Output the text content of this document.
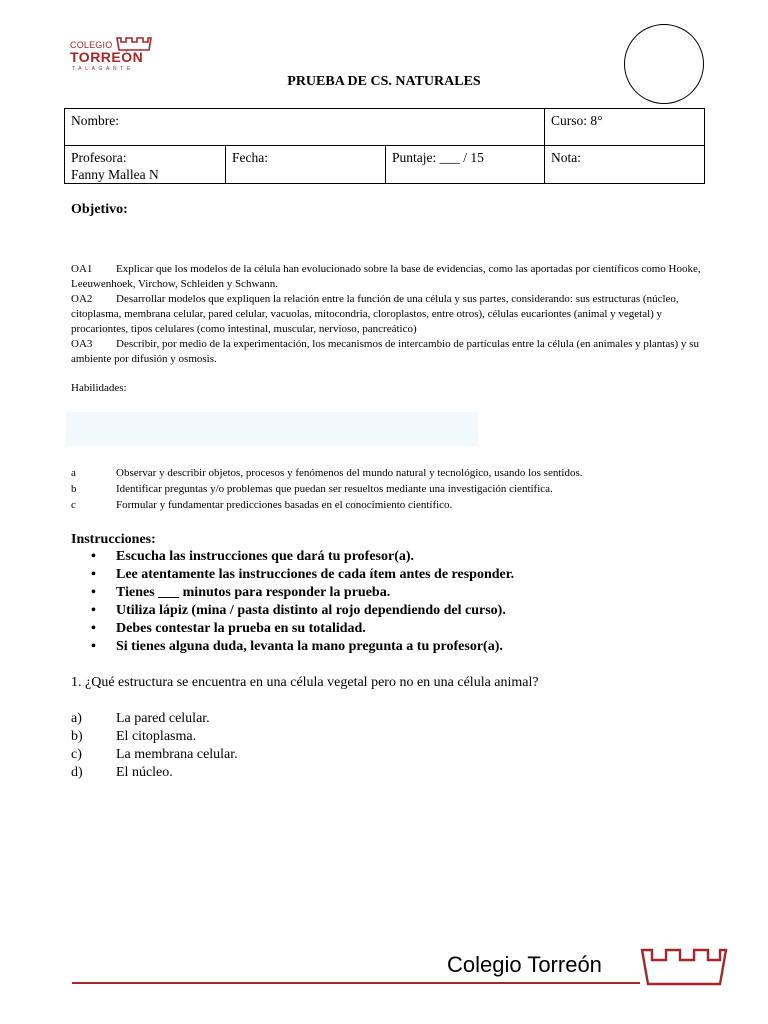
COLEGIO
TORREÓN
TALAGANTE
PRUEBA DE CS. NATURALES
Nombre:			Curso: 8°

Profesora:
Fanny Mallea N	Fecha:	Puntaje: ___ / 15	Nota:
Objetivo:
OA1 Explicar que los modelos de la célula han evolucionado sobre la base de evidencias, como las aportadas por científicos como Hooke, Leeuwenhoek, Virchow, Schleiden y Schwann.
OA2 Desarrollar modelos que expliquen la relación entre la función de una célula y sus partes, considerando: sus estructuras (núcleo, citoplasma, membrana celular, pared celular, vacuolas, mitocondria, cloroplastos, entre otros), células eucariontes (animal y vegetal) y procariontes, tipos celulares (como intestinal, muscular, nervioso, pancreático)
OA3 Describir, por medio de la experimentación, los mecanismos de intercambio de partículas entre la célula (en animales y plantas) y su ambiente por difusión y osmosis.
Habilidades:
a	Observar y describir objetos, procesos y fenómenos del mundo natural y tecnológico, usando los sentidos.
b	Identificar preguntas y/o problemas que puedan ser resueltos mediante una investigación científica.
c	Formular y fundamentar predicciones basadas en el conocimiento científico.
Instrucciones:
• Escucha las instrucciones que dará tu profesor(a).
• Lee atentamente las instrucciones de cada ítem antes de responder.
• Tienes ___ minutos para responder la prueba.
• Utiliza lápiz (mina / pasta distinto al rojo dependiendo del curso).
• Debes contestar la prueba en su totalidad.
• Si tienes alguna duda, levanta la mano pregunta a tu profesor(a).
1. ¿Qué estructura se encuentra en una célula vegetal pero no en una célula animal?
a) La pared celular.
b) El citoplasma.
c) La membrana celular.
d) El núcleo.
Colegio Torreón
